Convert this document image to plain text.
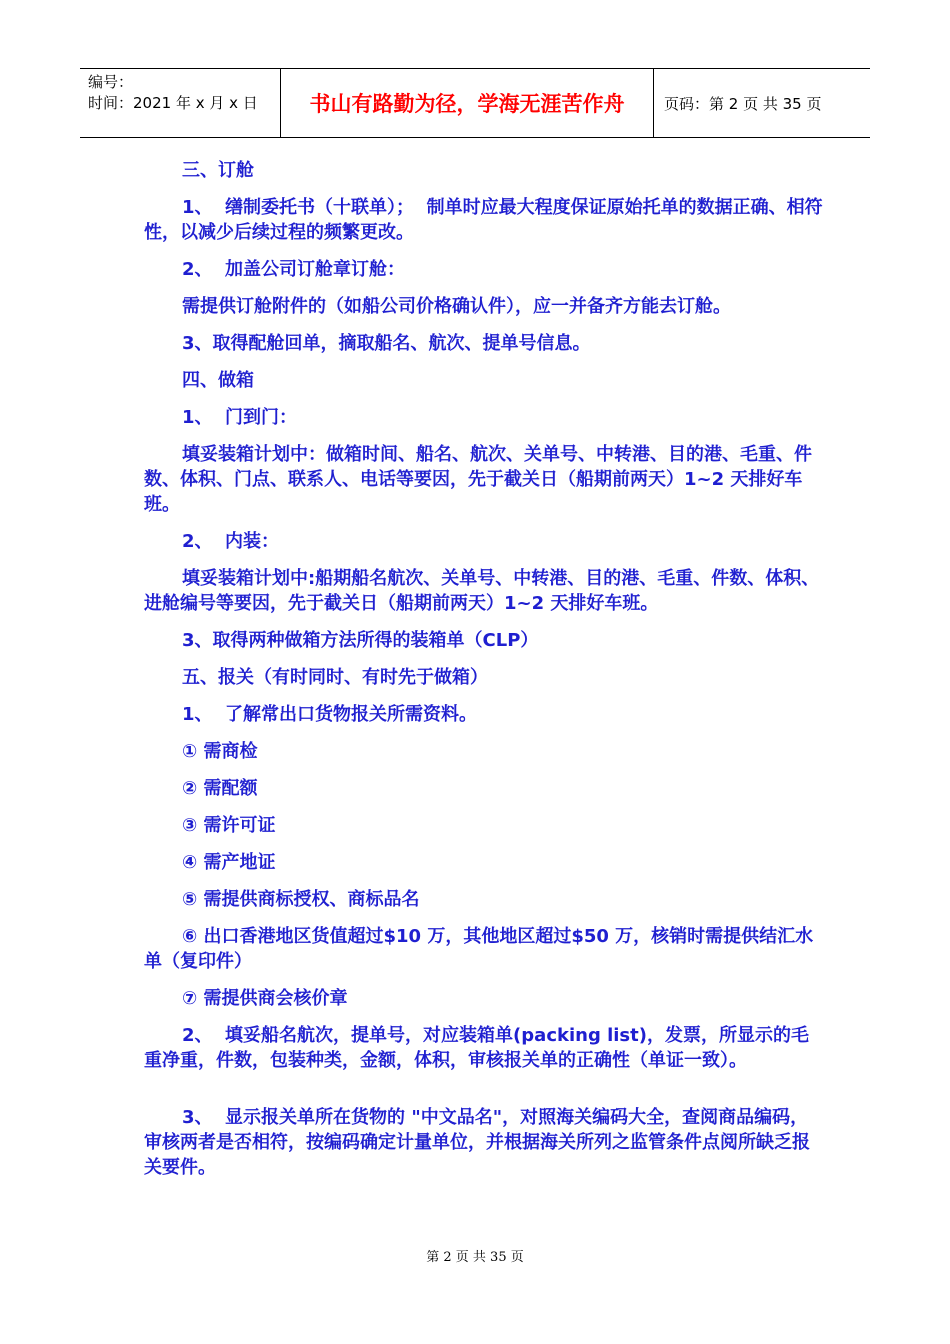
编号：
时间：2021 年 x 月 x 日	书山有路勤为径，学海无涯苦作舟	页码：第 2 页 共 35 页

三、订舱

1、  缮制委托书（十联单）；  制单时应最大程度保证原始托单的数据正确、相符性，以减少后续过程的频繁更改。

2、  加盖公司订舱章订舱：

需提供订舱附件的（如船公司价格确认件），应一并备齐方能去订舱。

3、取得配舱回单，摘取船名、航次、提单号信息。

四、做箱

1、  门到门：

填妥装箱计划中：做箱时间、船名、航次、关单号、中转港、目的港、毛重、件数、体积、门点、联系人、电话等要因，先于截关日（船期前两天）1~2 天排好车班。

2、  内装：

填妥装箱计划中:船期船名航次、关单号、中转港、目的港、毛重、件数、体积、进舱编号等要因，先于截关日（船期前两天）1~2 天排好车班。

3、取得两种做箱方法所得的装箱单（CLP）

五、报关（有时同时、有时先于做箱）

1、  了解常出口货物报关所需资料。

① 需商检

② 需配额

③ 需许可证

④ 需产地证

⑤ 需提供商标授权、商标品名

⑥ 出口香港地区货值超过$10 万，其他地区超过$50 万，核销时需提供结汇水单（复印件）

⑦ 需提供商会核价章

2、  填妥船名航次，提单号，对应装箱单(packing list)，发票，所显示的毛重净重，件数，包装种类，金额，体积，审核报关单的正确性（单证一致）。

3、  显示报关单所在货物的 "中文品名"，对照海关编码大全，查阅商品编码，审核两者是否相符，按编码确定计量单位，并根据海关所列之监管条件点阅所缺乏报关要件。

第 2 页 共 35 页
